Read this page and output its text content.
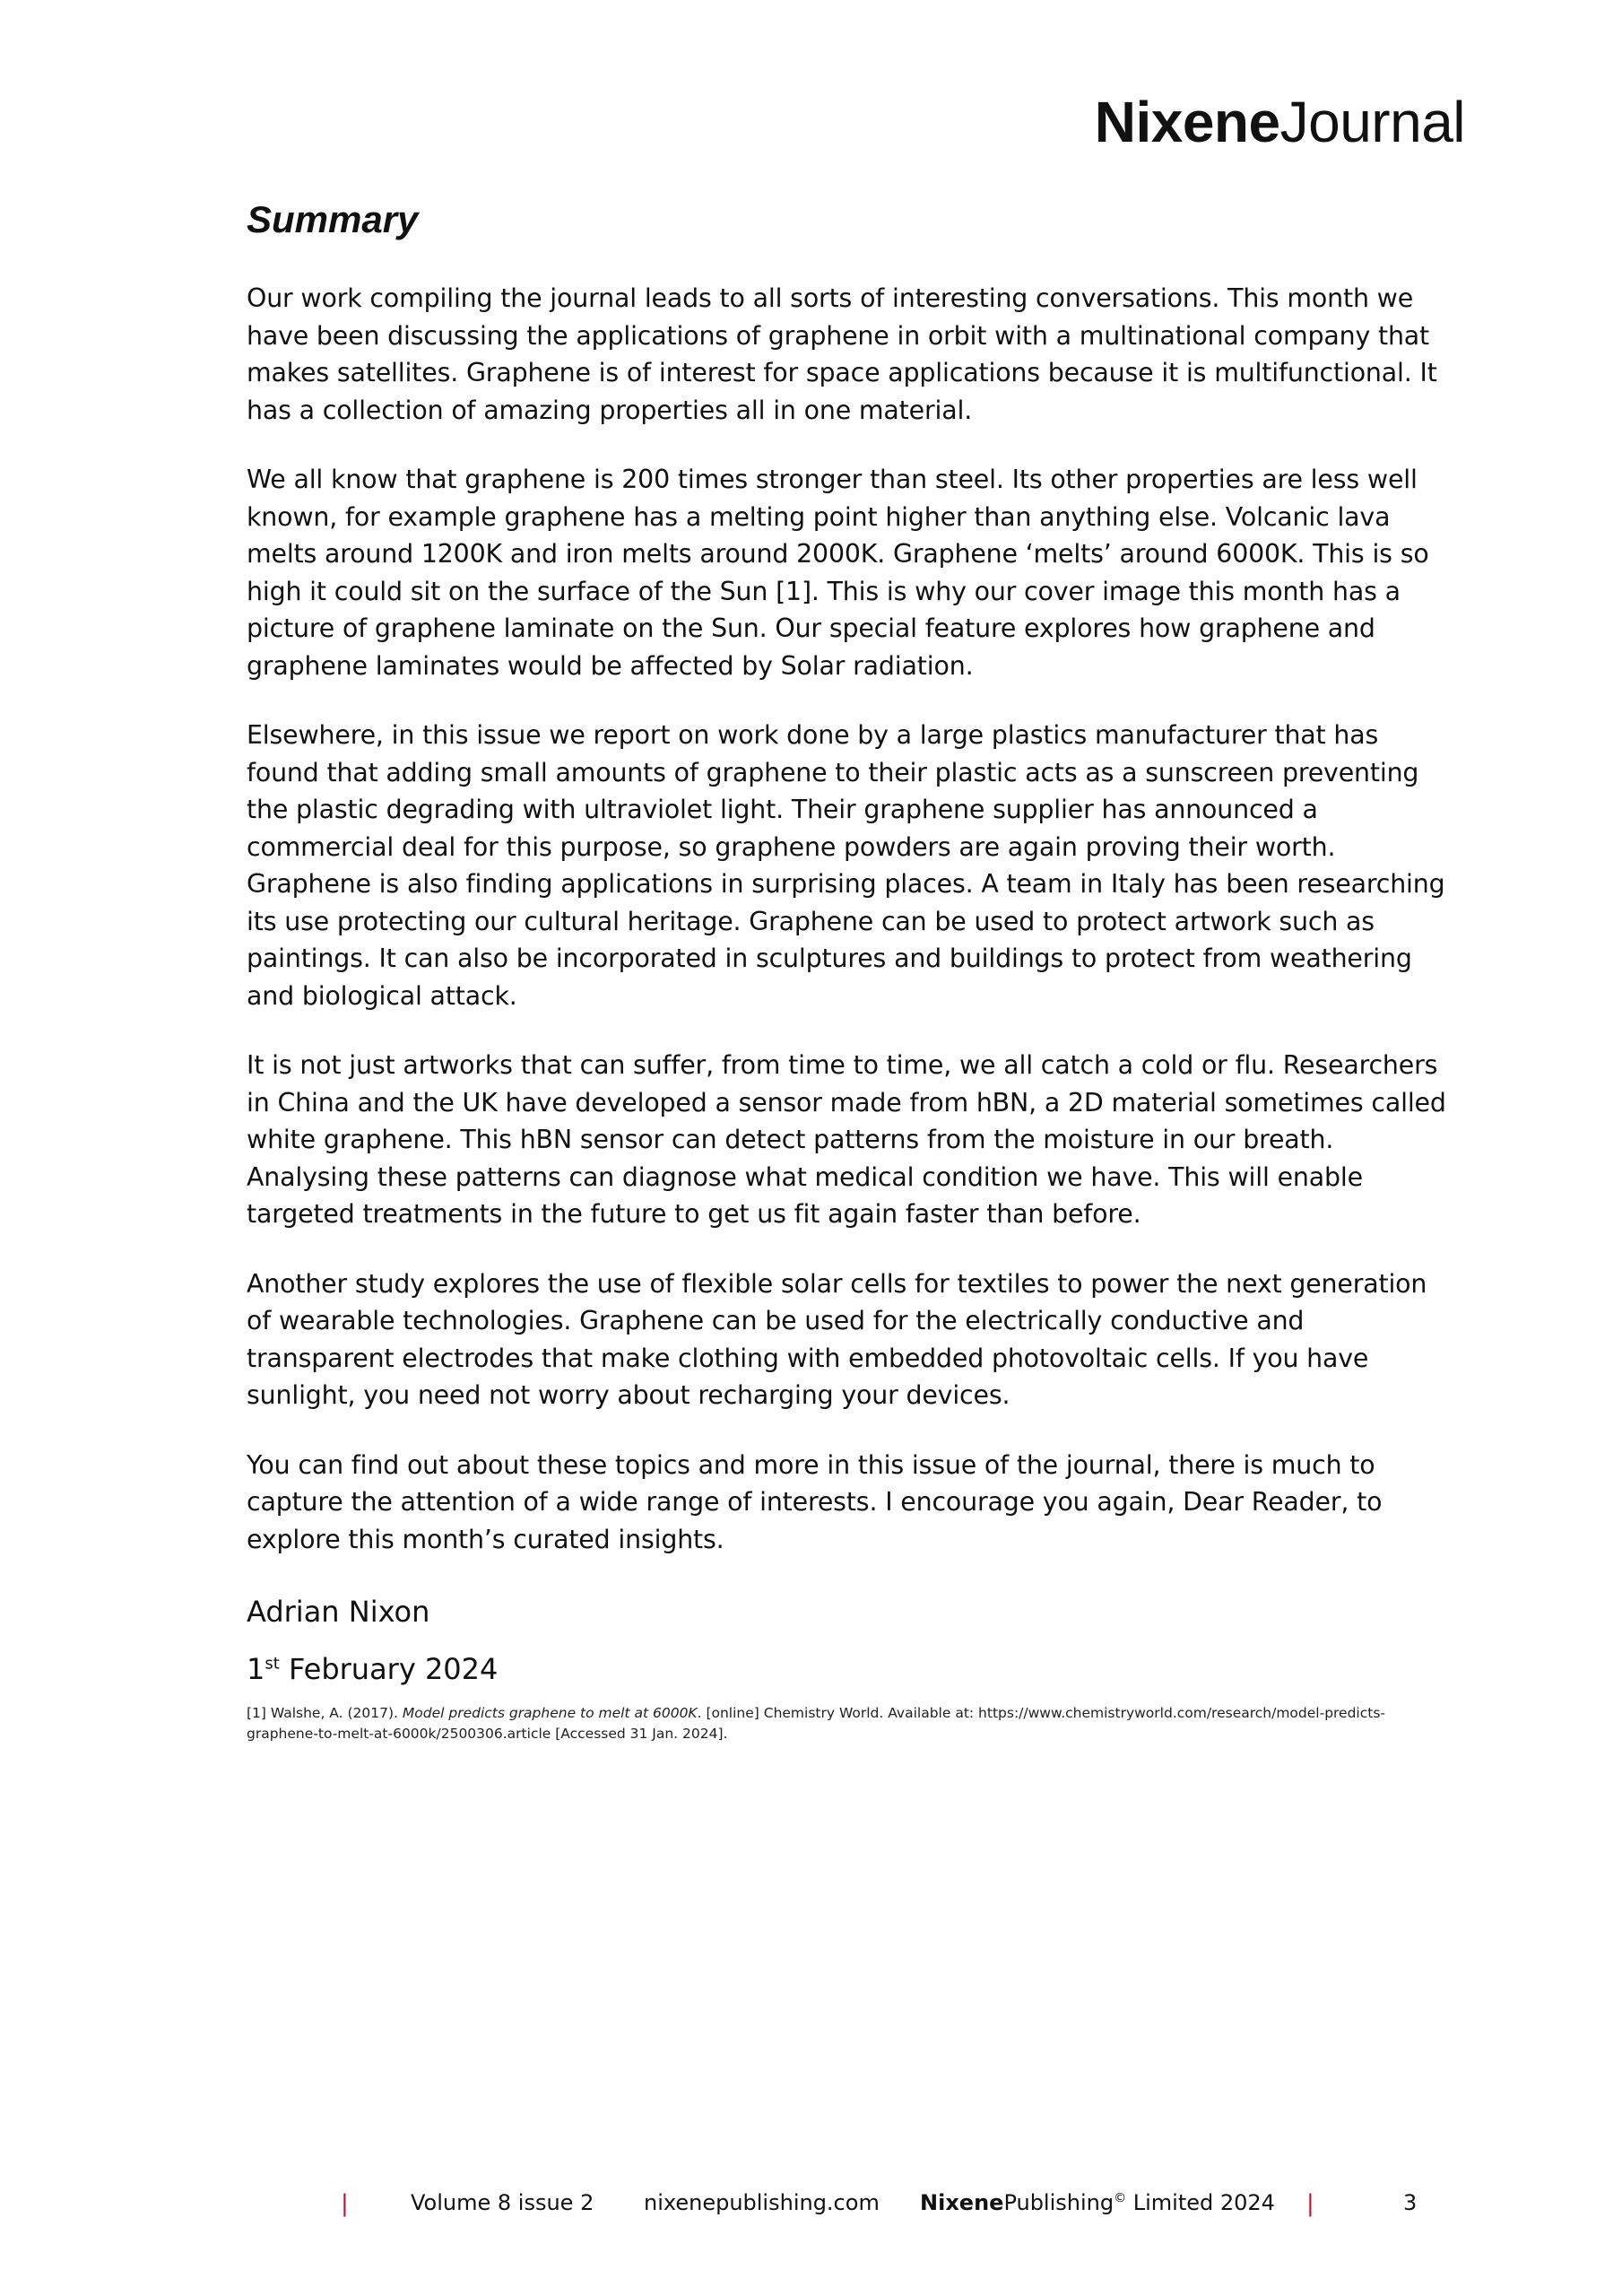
NixeneJournal
Summary

Our work compiling the journal leads to all sorts of interesting conversations. This month we have been discussing the applications of graphene in orbit with a multinational company that makes satellites. Graphene is of interest for space applications because it is multifunctional. It has a collection of amazing properties all in one material.

We all know that graphene is 200 times stronger than steel. Its other properties are less well known, for example graphene has a melting point higher than anything else. Volcanic lava melts around 1200K and iron melts around 2000K. Graphene ‘melts’ around 6000K. This is so high it could sit on the surface of the Sun [1]. This is why our cover image this month has a picture of graphene laminate on the Sun. Our special feature explores how graphene and graphene laminates would be affected by Solar radiation.

Elsewhere, in this issue we report on work done by a large plastics manufacturer that has found that adding small amounts of graphene to their plastic acts as a sunscreen preventing the plastic degrading with ultraviolet light. Their graphene supplier has announced a commercial deal for this purpose, so graphene powders are again proving their worth. Graphene is also finding applications in surprising places. A team in Italy has been researching its use protecting our cultural heritage. Graphene can be used to protect artwork such as paintings. It can also be incorporated in sculptures and buildings to protect from weathering and biological attack.

It is not just artworks that can suffer, from time to time, we all catch a cold or flu. Researchers in China and the UK have developed a sensor made from hBN, a 2D material sometimes called white graphene. This hBN sensor can detect patterns from the moisture in our breath. Analysing these patterns can diagnose what medical condition we have. This will enable targeted treatments in the future to get us fit again faster than before.

Another study explores the use of flexible solar cells for textiles to power the next generation of wearable technologies. Graphene can be used for the electrically conductive and transparent electrodes that make clothing with embedded photovoltaic cells. If you have sunlight, you need not worry about recharging your devices.

You can find out about these topics and more in this issue of the journal, there is much to capture the attention of a wide range of interests. I encourage you again, Dear Reader, to explore this month’s curated insights.

Adrian Nixon
1st February 2024
[1] Walshe, A. (2017). Model predicts graphene to melt at 6000K. [online] Chemistry World. Available at: https://www.chemistryworld.com/research/model-predicts-graphene-to-melt-at-6000k/2500306.article [Accessed 31 Jan. 2024].
|	Volume 8 issue 2 nixenepublishing.com NixenePublishing© Limited 2024 |	3
